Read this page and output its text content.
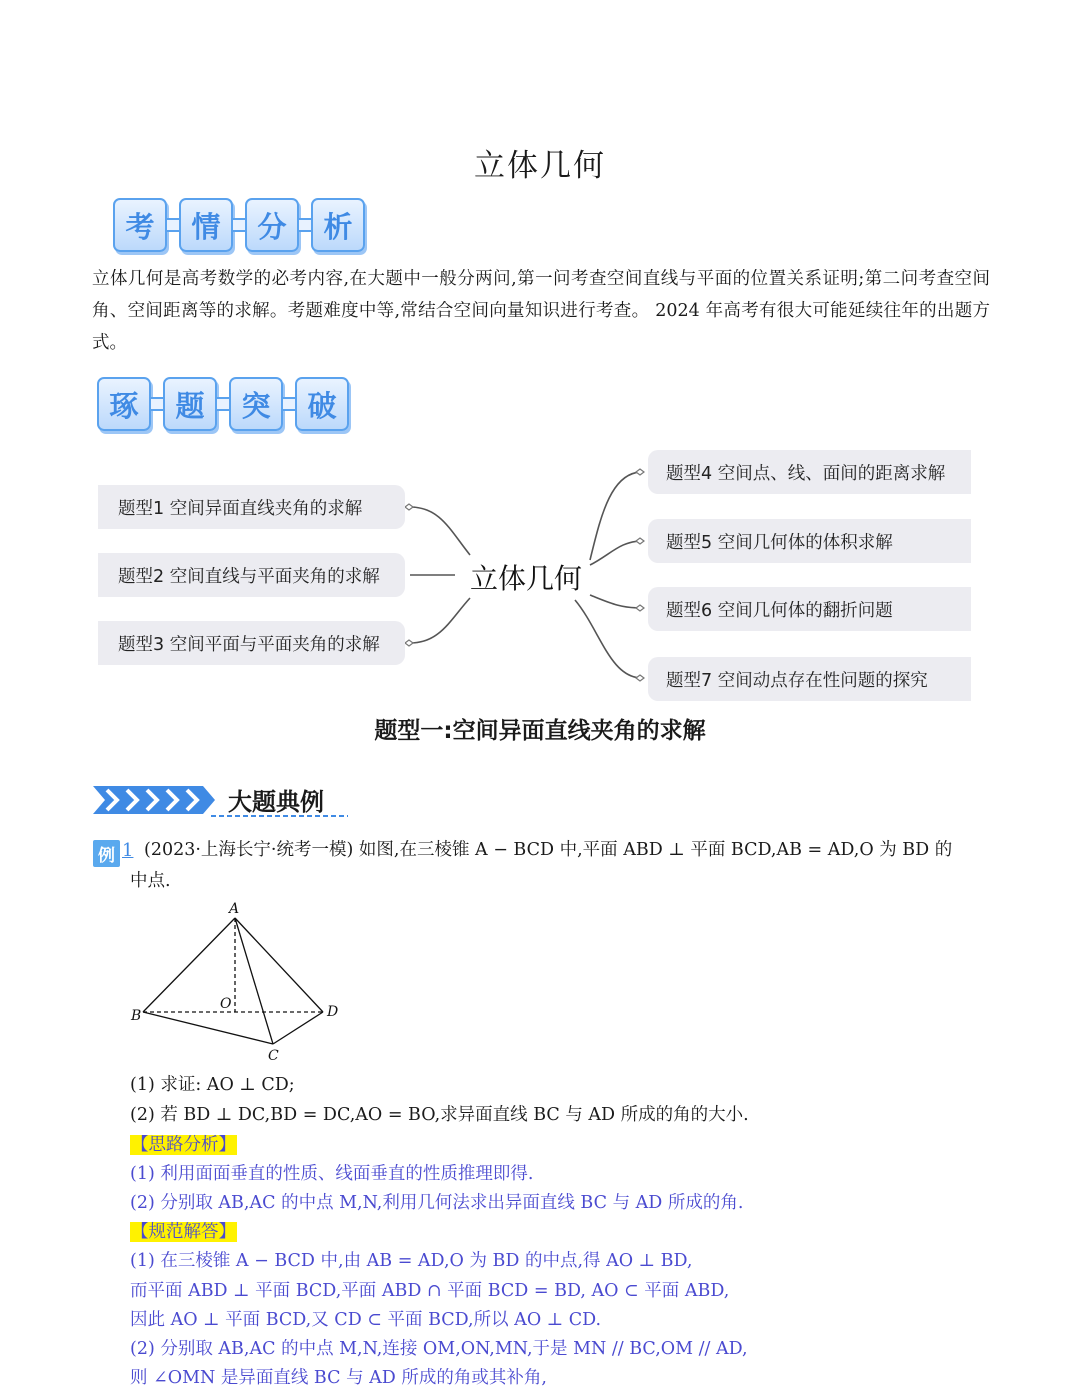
立体几何
考	情	分	析
立体几何是高考数学的必考内容,在大题中一般分两问,第一问考查空间直线与平面的位置关系证明;第二问考查空间角、空间距离等的求解。考题难度中等,常结合空间向量知识进行考查。 2024 年高考有很大可能延续往年的出题方式。
琢	题	突	破
题型1 空间异面直线夹角的求解
题型2 空间直线与平面夹角的求解
题型3 空间平面与平面夹角的求解
立体几何
题型4 空间点、线、面间的距离求解
题型5 空间几何体的体积求解
题型6 空间几何体的翻折问题
题型7 空间动点存在性问题的探究
题型一:空间异面直线夹角的求解
大题典例
例 1 (2023·上海长宁·统考一模) 如图,在三棱锥 A − BCD 中,平面 ABD ⊥ 平面 BCD,AB = AD,O 为 BD 的
中点.
A
B
C
D
O
(1) 求证: AO ⊥ CD;
(2) 若 BD ⊥ DC,BD = DC,AO = BO,求异面直线 BC 与 AD 所成的角的大小.
【思路分析】
(1) 利用面面垂直的性质、线面垂直的性质推理即得.
(2) 分别取 AB,AC 的中点 M,N,利用几何法求出异面直线 BC 与 AD 所成的角.
【规范解答】
(1) 在三棱锥 A − BCD 中,由 AB = AD,O 为 BD 的中点,得 AO ⊥ BD,
而平面 ABD ⊥ 平面 BCD,平面 ABD ∩ 平面 BCD = BD, AO ⊂ 平面 ABD,
因此 AO ⊥ 平面 BCD,又 CD ⊂ 平面 BCD,所以 AO ⊥ CD.
(2) 分别取 AB,AC 的中点 M,N,连接 OM,ON,MN,于是 MN // BC,OM // AD,
则 ∠OMN 是异面直线 BC 与 AD 所成的角或其补角,
